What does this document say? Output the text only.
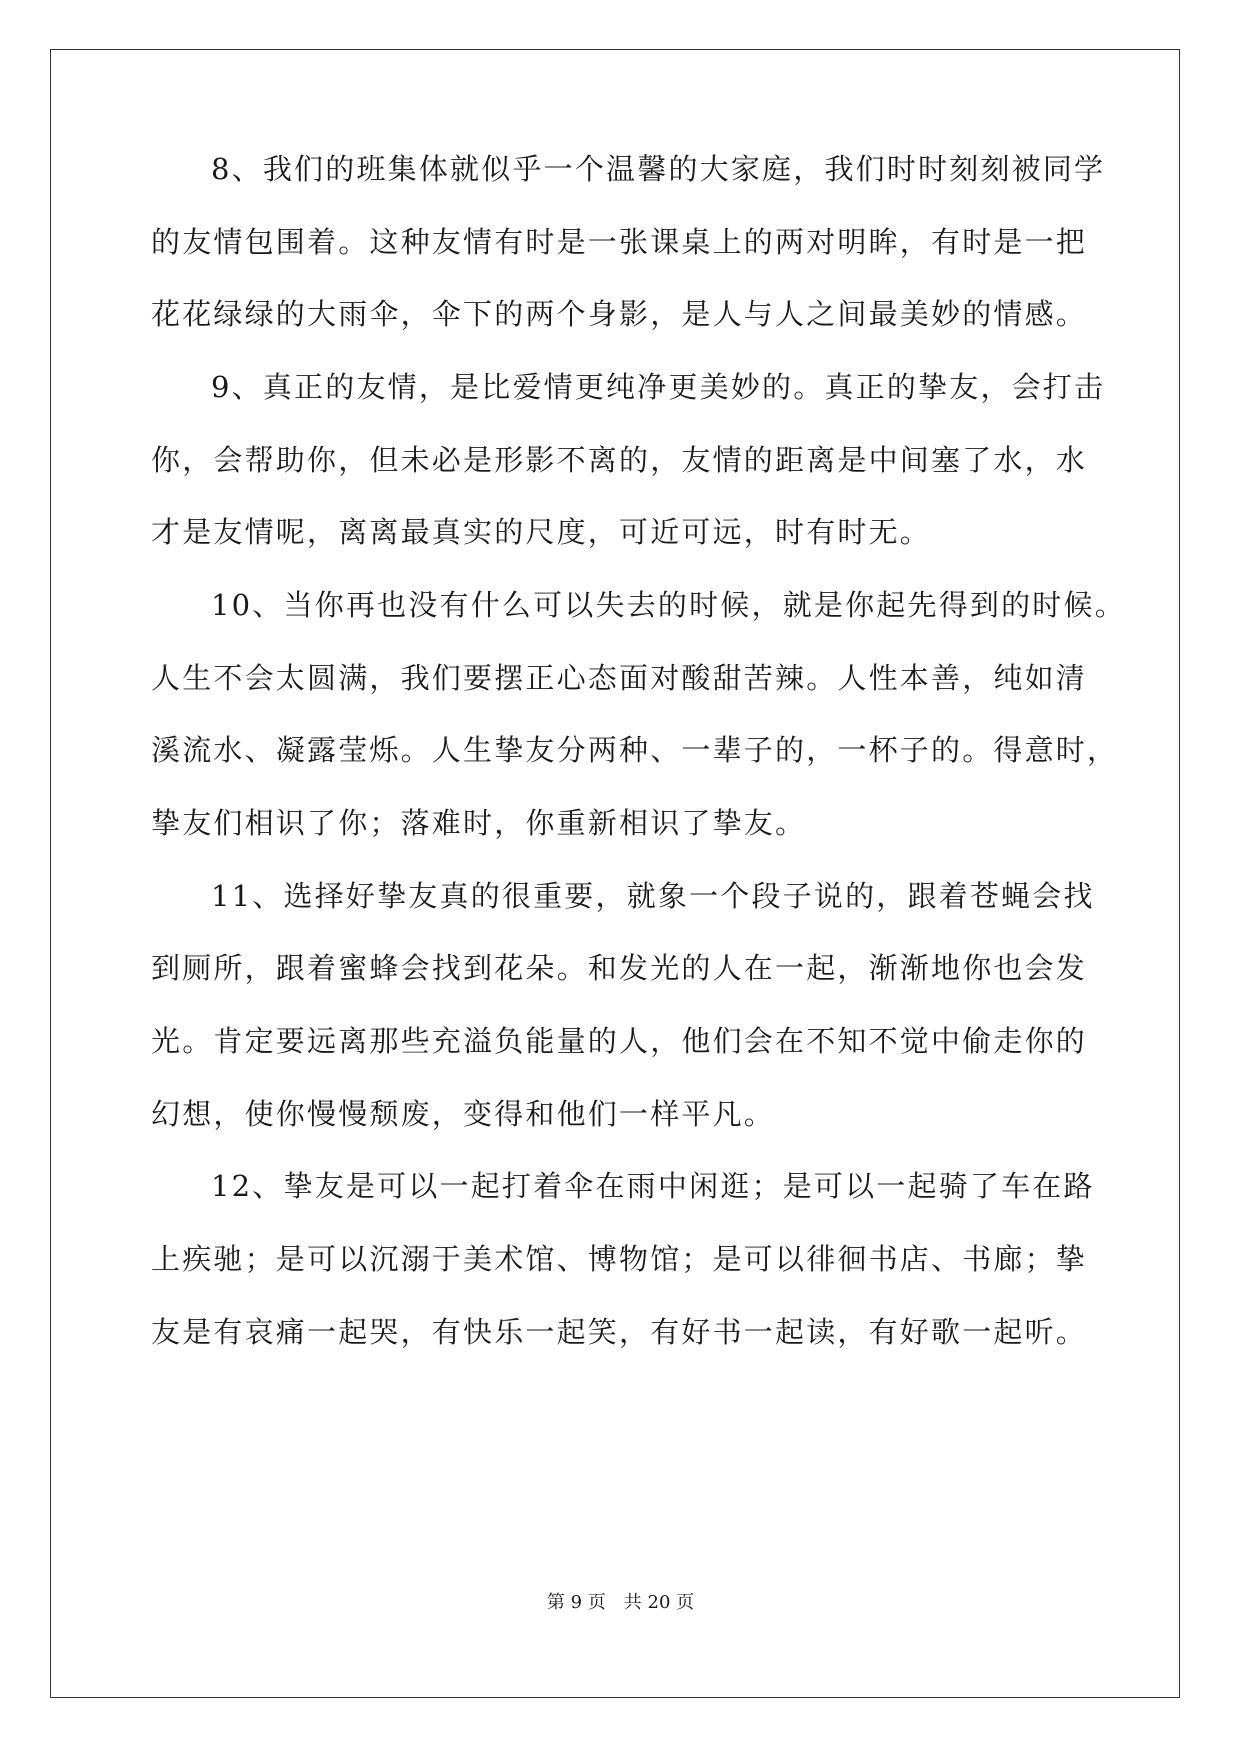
8、我们的班集体就似乎一个温馨的大家庭，我们时时刻刻被同学
的友情包围着。这种友情有时是一张课桌上的两对明眸，有时是一把
花花绿绿的大雨伞，伞下的两个身影，是人与人之间最美妙的情感。
9、真正的友情，是比爱情更纯净更美妙的。真正的挚友，会打击
你，会帮助你，但未必是形影不离的，友情的距离是中间塞了水，水
才是友情呢，离离最真实的尺度，可近可远，时有时无。
10、当你再也没有什么可以失去的时候，就是你起先得到的时候。
人生不会太圆满，我们要摆正心态面对酸甜苦辣。人性本善，纯如清
溪流水、凝露莹烁。人生挚友分两种、一辈子的，一杯子的。得意时，
挚友们相识了你；落难时，你重新相识了挚友。
11、选择好挚友真的很重要，就象一个段子说的，跟着苍蝇会找
到厕所，跟着蜜蜂会找到花朵。和发光的人在一起，渐渐地你也会发
光。肯定要远离那些充溢负能量的人，他们会在不知不觉中偷走你的
幻想，使你慢慢颓废，变得和他们一样平凡。
12、挚友是可以一起打着伞在雨中闲逛；是可以一起骑了车在路
上疾驰；是可以沉溺于美术馆、博物馆；是可以徘徊书店、书廊；挚
友是有哀痛一起哭，有快乐一起笑，有好书一起读，有好歌一起听。
第 9 页　共 20 页
